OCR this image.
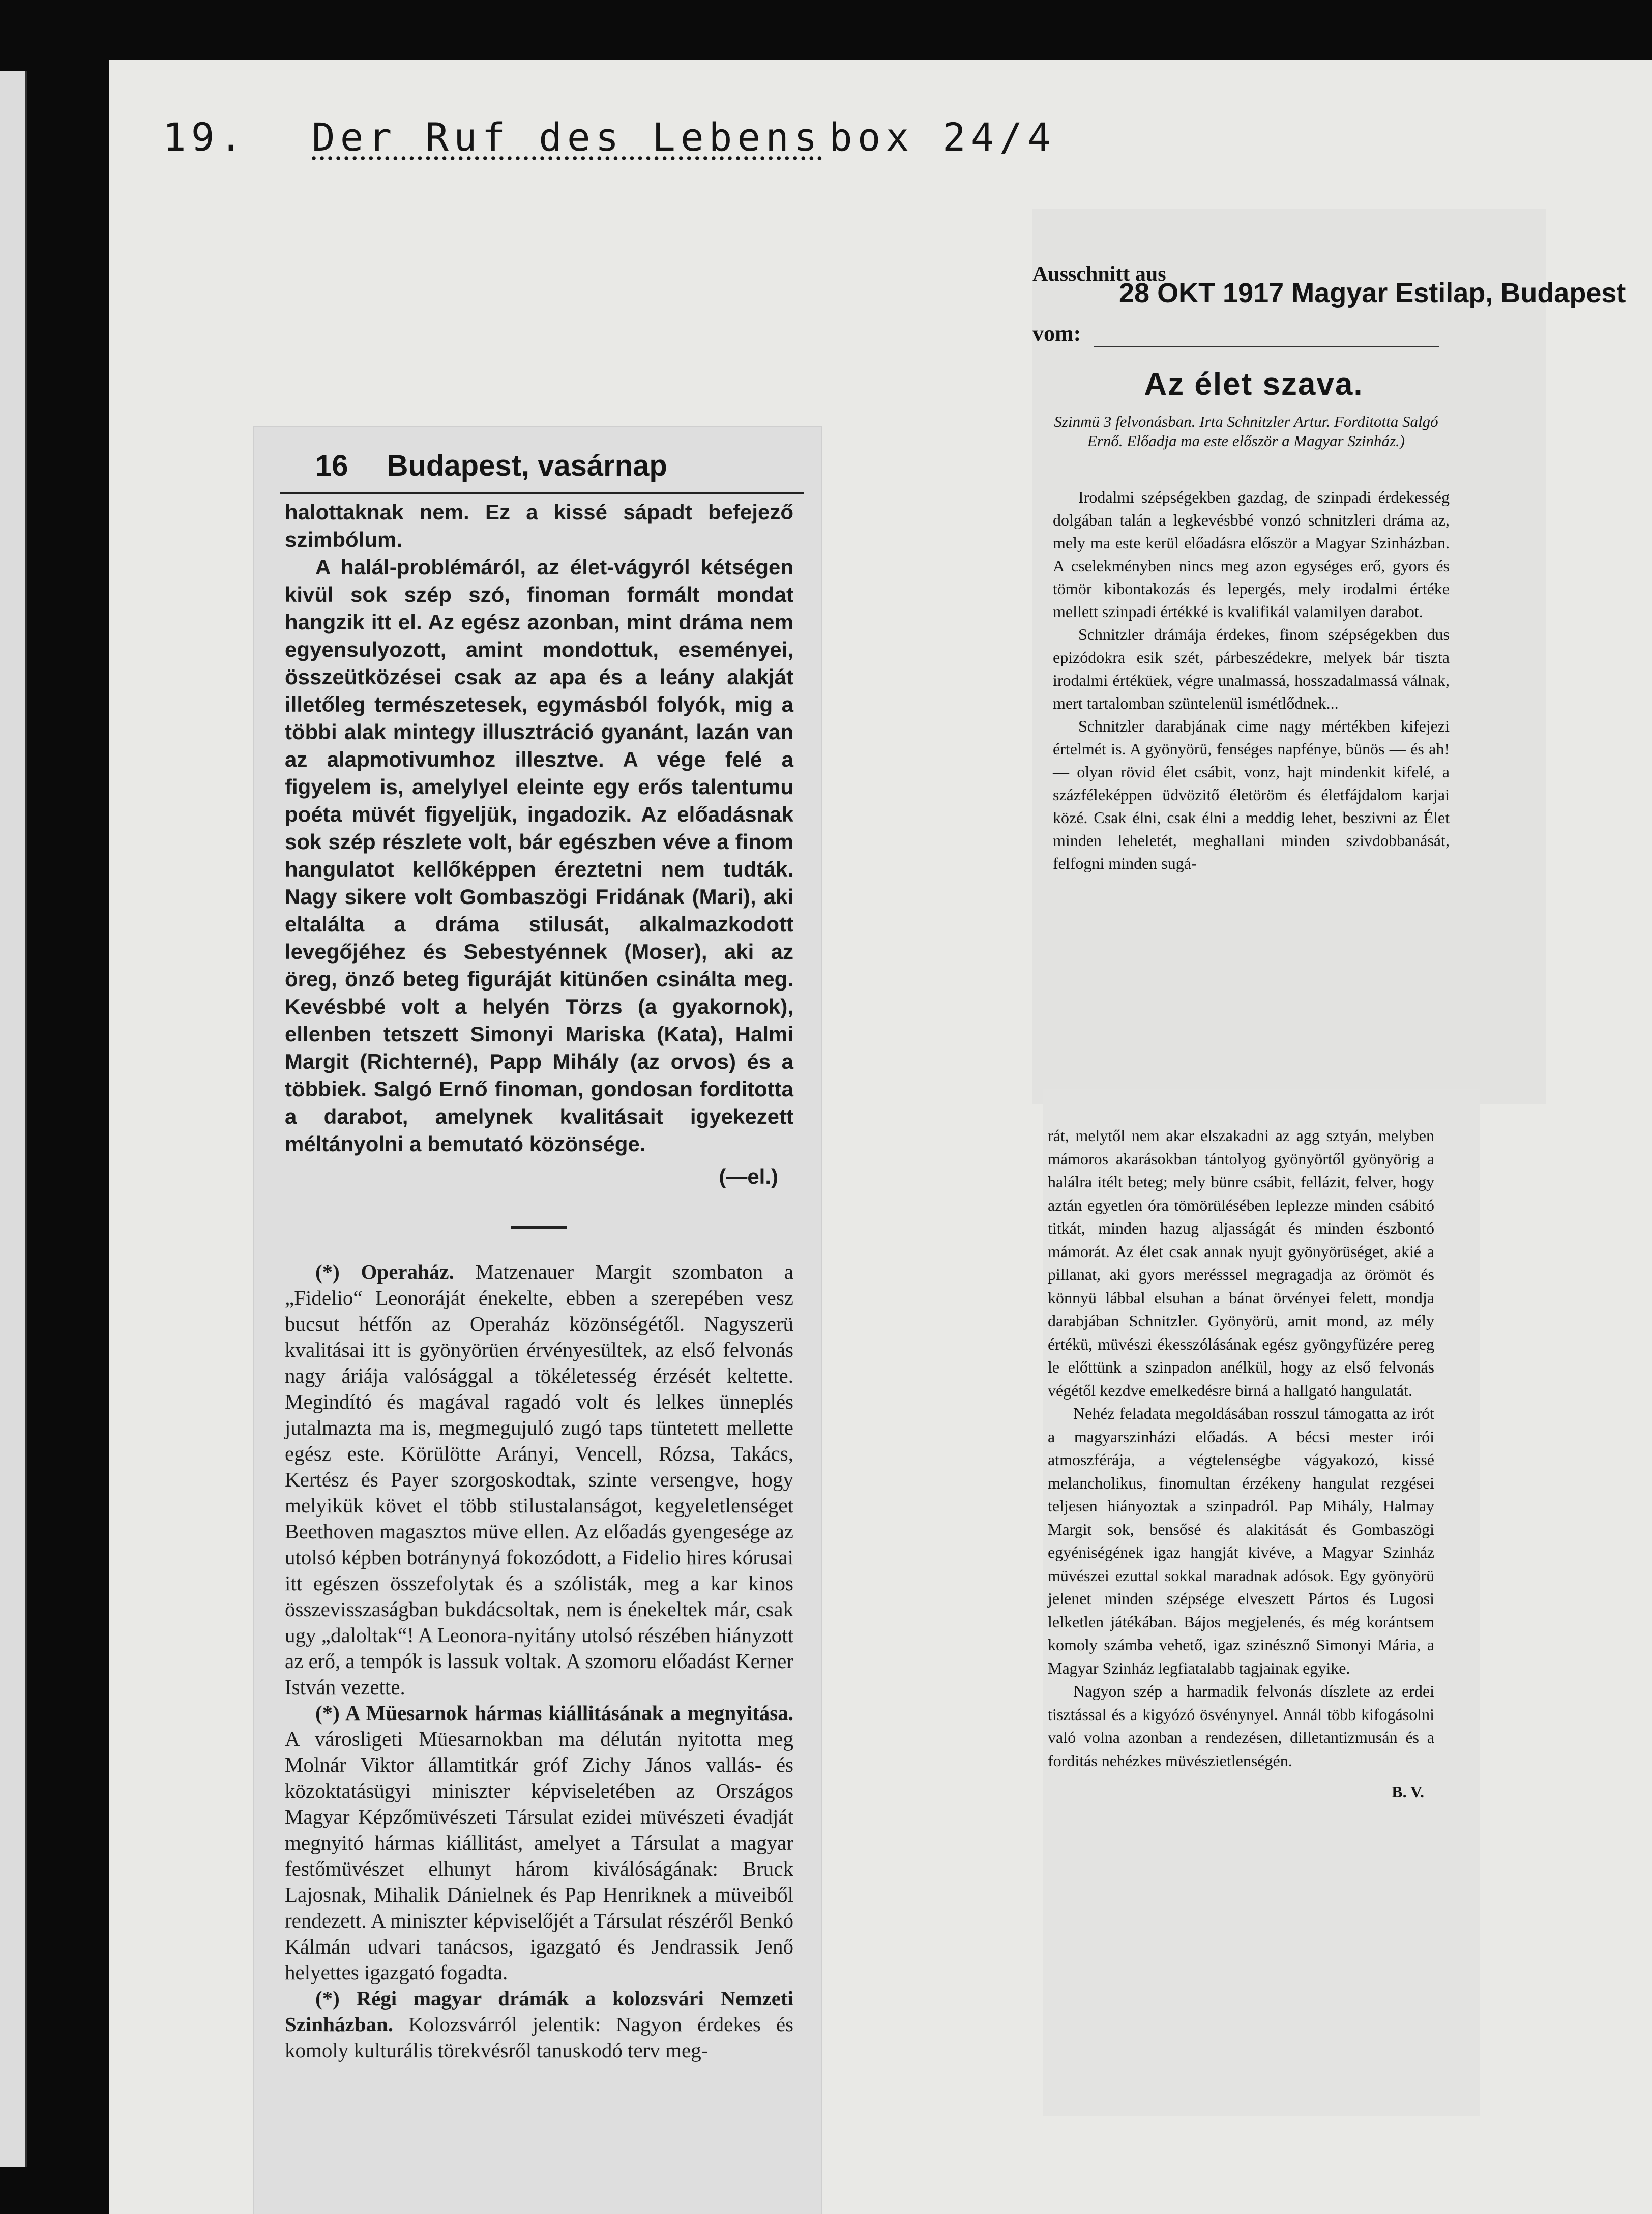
19. Der Ruf des Lebens box 24/4
16 Budapest, vasárnap

halottaknak nem. Ez a kissé sápadt befejező szimbólum.

A halál-problémáról, az élet-vágyról kétségen kivül sok szép szó, finoman formált mondat hangzik itt el. Az egész azonban, mint dráma nem egyensulyozott, amint mondottuk, eseményei, összeütközései csak az apa és a leány alakját illetőleg természetesek, egymásból folyók, mig a többi alak mintegy illusztráció gyanánt, lazán van az alapmotivumhoz illesztve. A vége felé a figyelem is, amelylyel eleinte egy erős talentumu poéta müvét figyeljük, ingadozik. Az előadásnak sok szép részlete volt, bár egészben véve a finom hangulatot kellőképpen éreztetni nem tudták. Nagy sikere volt Gombaszögi Fridának (Mari), aki eltalálta a dráma stilusát, alkalmazkodott levegőjéhez és Sebestyénnek (Moser), aki az öreg, önző beteg figuráját kitünően csinálta meg. Kevésbbé volt a helyén Törzs (a gyakornok), ellenben tetszett Simonyi Mariska (Kata), Halmi Margit (Richterné), Papp Mihály (az orvos) és a többiek. Salgó Ernő finoman, gondosan forditotta a darabot, amelynek kvalitásait igyekezett méltányolni a bemutató közönsége.

(—el.)

(*) Operaház. Matzenauer Margit szombaton a „Fidelio“ Leonoráját énekelte, ebben a szerepében vesz bucsut hétfőn az Operaház közönségétől. Nagyszerü kvalitásai itt is gyönyörüen érvényesültek, az első felvonás nagy áriája valósággal a tökéletesség érzését keltette. Megindító és magával ragadó volt és lelkes ünneplés jutalmazta ma is, megmegujuló zugó taps tüntetett mellette egész este. Körülötte Arányi, Vencell, Rózsa, Takács, Kertész és Payer szorgoskodtak, szinte versengve, hogy melyikük követ el több stilustalanságot, kegyeletlenséget Beethoven magasztos müve ellen. Az előadás gyengesége az utolsó képben botránynyá fokozódott, a Fidelio hires kórusai itt egészen összefolytak és a szólisták, meg a kar kinos összevisszaságban bukdácsoltak, nem is énekeltek már, csak ugy „daloltak“! A Leonora-nyitány utolsó részében hiányzott az erő, a tempók is lassuk voltak. A szomoru előadást Kerner István vezette.

(*) A Müesarnok hármas kiállitásának a megnyitása. A városligeti Müesarnokban ma délután nyitotta meg Molnár Viktor államtitkár gróf Zichy János vallás- és közoktatásügyi miniszter képviseletében az Országos Magyar Képzőmüvészeti Társulat ezidei müvészeti évadját megnyitó hármas kiállitást, amelyet a Társulat a magyar festőmüvészet elhunyt három kiválóságának: Bruck Lajosnak, Mihalik Dánielnek és Pap Henriknek a müveiből rendezett. A miniszter képviselőjét a Társulat részéről Benkó Kálmán udvari tanácsos, igazgató és Jendrassik Jenő helyettes igazgató fogadta.

(*) Régi magyar drámák a kolozsvári Nemzeti Szinházban. Kolozsvárról jelentik: Nagyon érdekes és komoly kulturális törekvésről tanuskodó terv meg-

Ausschnitt aus
28 OKT 1917 Magyar Estilap, Budapest
vom:
Az élet szava.
Szinmü 3 felvonásban. Irta Schnitzler Artur. Forditotta Salgó Ernő. Előadja ma este először a Magyar Szinház.)

Irodalmi szépségekben gazdag, de szinpadi érdekesség dolgában talán a legkevésbbé vonzó schnitzleri dráma az, mely ma este kerül előadásra először a Magyar Szinházban. A cselekményben nincs meg azon egységes erő, gyors és tömör kibontakozás és lepergés, mely irodalmi értéke mellett szinpadi értékké is kvalifikál valamilyen darabot.

Schnitzler drámája érdekes, finom szépségekben dus epizódokra esik szét, párbeszédekre, melyek bár tiszta irodalmi értéküek, végre unalmassá, hosszadalmassá válnak, mert tartalomban szüntelenül ismétlődnek...

Schnitzler darabjának cime nagy mértékben kifejezi értelmét is. A gyönyörü, fenséges napfénye, bünös — és ah! — olyan rövid élet csábit, vonz, hajt mindenkit kifelé, a százféleképpen üdvözitő életöröm és életfájdalom karjai közé. Csak élni, csak élni a meddig lehet, beszivni az Élet minden leheletét, meghallani minden szivdobbanását, felfogni minden sugá-

rát, melytől nem akar elszakadni az agg sztyán, melyben mámoros akarásokban tántolyog gyönyörtől gyönyörig a halálra itélt beteg; mely bünre csábit, fellázit, felver, hogy aztán egyetlen óra tömörülésében leplezze minden csábitó titkát, minden hazug aljasságát és minden észbontó mámorát. Az élet csak annak nyujt gyönyörüséget, akié a pillanat, aki gyors merésssel megragadja az örömöt és könnyü lábbal elsuhan a bánat örvényei felett, mondja darabjában Schnitzler. Gyönyörü, amit mond, az mély értékü, müvészi ékesszólásának egész gyöngyfüzére pereg le előttünk a szinpadon anélkül, hogy az első felvonás végétől kezdve emelkedésre birná a hallgató hangulatát.

Nehéz feladata megoldásában rosszul támogatta az irót a magyarszinházi előadás. A bécsi mester irói atmoszférája, a végtelenségbe vágyakozó, kissé melancholikus, finomultan érzékeny hangulat rezgései teljesen hiányoztak a szinpadról. Pap Mihály, Halmay Margit sok, bensősé és alakitását és Gombaszögi egyéniségének igaz hangját kivéve, a Magyar Szinház müvészei ezuttal sokkal maradnak adósok. Egy gyönyörü jelenet minden szépsége elveszett Pártos és Lugosi lelketlen játékában. Bájos megjelenés, és még korántsem komoly számba vehető, igaz szinésznő Simonyi Mária, a Magyar Szinház legfiatalabb tagjainak egyike.

Nagyon szép a harmadik felvonás díszlete az erdei tisztással és a kigyózó ösvénynyel. Annál több kifogásolni való volna azonban a rendezésen, dilletantizmusán és a forditás nehézkes müvészietlenségén.

B. V.
